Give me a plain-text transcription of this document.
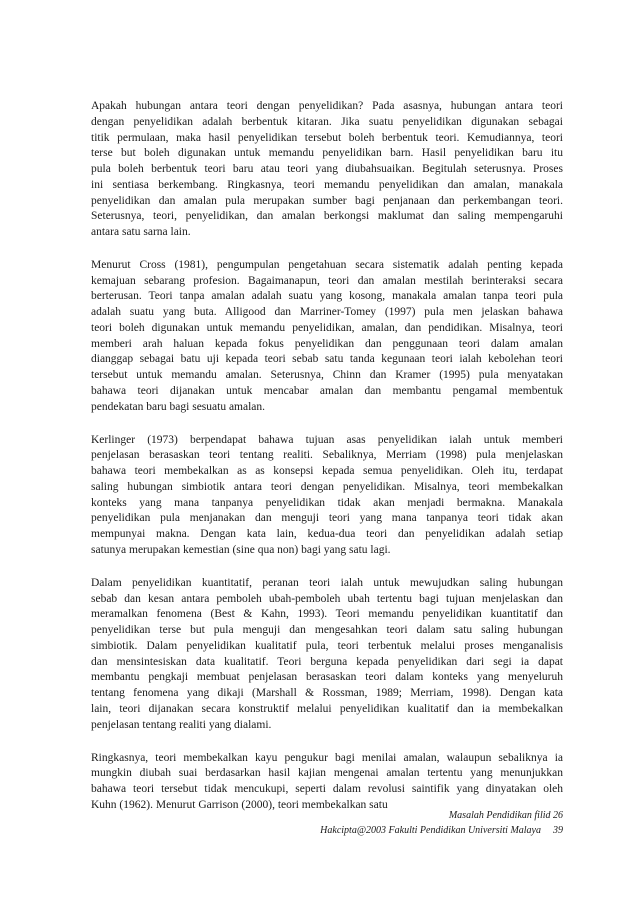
Apakah hubungan antara teori dengan penyelidikan? Pada asasnya, hubungan antara teori
dengan penyelidikan adalah berbentuk kitaran. Jika suatu penyelidikan digunakan sebagai
titik permulaan, maka hasil penyelidikan tersebut boleh berbentuk teori. Kemudiannya, teori
terse but boleh digunakan untuk memandu penyelidikan barn. Hasil penyelidikan baru itu
pula boleh berbentuk teori baru atau teori yang diubahsuaikan. Begitulah seterusnya. Proses
ini sentiasa berkembang. Ringkasnya, teori memandu penyelidikan dan amalan, manakala
penyelidikan dan amalan pula merupakan sumber bagi penjanaan dan perkembangan teori.
Seterusnya, teori, penyelidikan, dan amalan berkongsi maklumat dan saling mempengaruhi
antara satu sarna lain.

Menurut Cross (1981), pengumpulan pengetahuan secara sistematik adalah penting kepada
kemajuan sebarang profesion. Bagaimanapun, teori dan amalan mestilah berinteraksi secara
berterusan. Teori tanpa amalan adalah suatu yang kosong, manakala amalan tanpa teori pula
adalah suatu yang buta. Alligood dan Marriner-Tomey (1997) pula men jelaskan bahawa
teori boleh digunakan untuk memandu penyelidikan, amalan, dan pendidikan. Misalnya, teori
memberi arah haluan kepada fokus penyelidikan dan penggunaan teori dalam amalan
dianggap sebagai batu uji kepada teori sebab satu tanda kegunaan teori ialah kebolehan teori
tersebut untuk memandu amalan. Seterusnya, Chinn dan Kramer (1995) pula menyatakan
bahawa teori dijanakan untuk mencabar amalan dan membantu pengamal membentuk
pendekatan baru bagi sesuatu amalan.

Kerlinger (1973) berpendapat bahawa tujuan asas penyelidikan ialah untuk memberi
penjelasan berasaskan teori tentang realiti. Sebaliknya, Merriam (1998) pula menjelaskan
bahawa teori membekalkan as as konsepsi kepada semua penyelidikan. Oleh itu, terdapat
saling hubungan simbiotik antara teori dengan penyelidikan. Misalnya, teori membekalkan
konteks yang mana tanpanya penyelidikan tidak akan menjadi bermakna. Manakala
penyelidikan pula menjanakan dan menguji teori yang mana tanpanya teori tidak akan
mempunyai makna. Dengan kata lain, kedua-dua teori dan penyelidikan adalah setiap
satunya merupakan kemestian (sine qua non) bagi yang satu lagi.

Dalam penyelidikan kuantitatif, peranan teori ialah untuk mewujudkan saling hubungan
sebab dan kesan antara pemboleh ubah-pemboleh ubah tertentu bagi tujuan menjelaskan dan
meramalkan fenomena (Best & Kahn, 1993). Teori memandu penyelidikan kuantitatif dan
penyelidikan terse but pula menguji dan mengesahkan teori dalam satu saling hubungan
simbiotik. Dalam penyelidikan kualitatif pula, teori terbentuk melalui proses menganalisis
dan mensintesiskan data kualitatif. Teori berguna kepada penyelidikan dari segi ia dapat
membantu pengkaji membuat penjelasan berasaskan teori dalam konteks yang menyeluruh
tentang fenomena yang dikaji (Marshall & Rossman, 1989; Merriam, 1998). Dengan kata
lain, teori dijanakan secara konstruktif melalui penyelidikan kualitatif dan ia membekalkan
penjelasan tentang realiti yang dialami.

Ringkasnya, teori membekalkan kayu pengukur bagi menilai amalan, walaupun sebaliknya ia
mungkin diubah suai berdasarkan hasil kajian mengenai amalan tertentu yang menunjukkan
bahawa teori tersebut tidak mencukupi, seperti dalam revolusi saintifik yang dinyatakan oleh
Kuhn (1962). Menurut Garrison (2000), teori membekalkan satu

Masalah Pendidikan filid 26
Hakcipta@2003 Fakulti Pendidikan Universiti Malaya 39
